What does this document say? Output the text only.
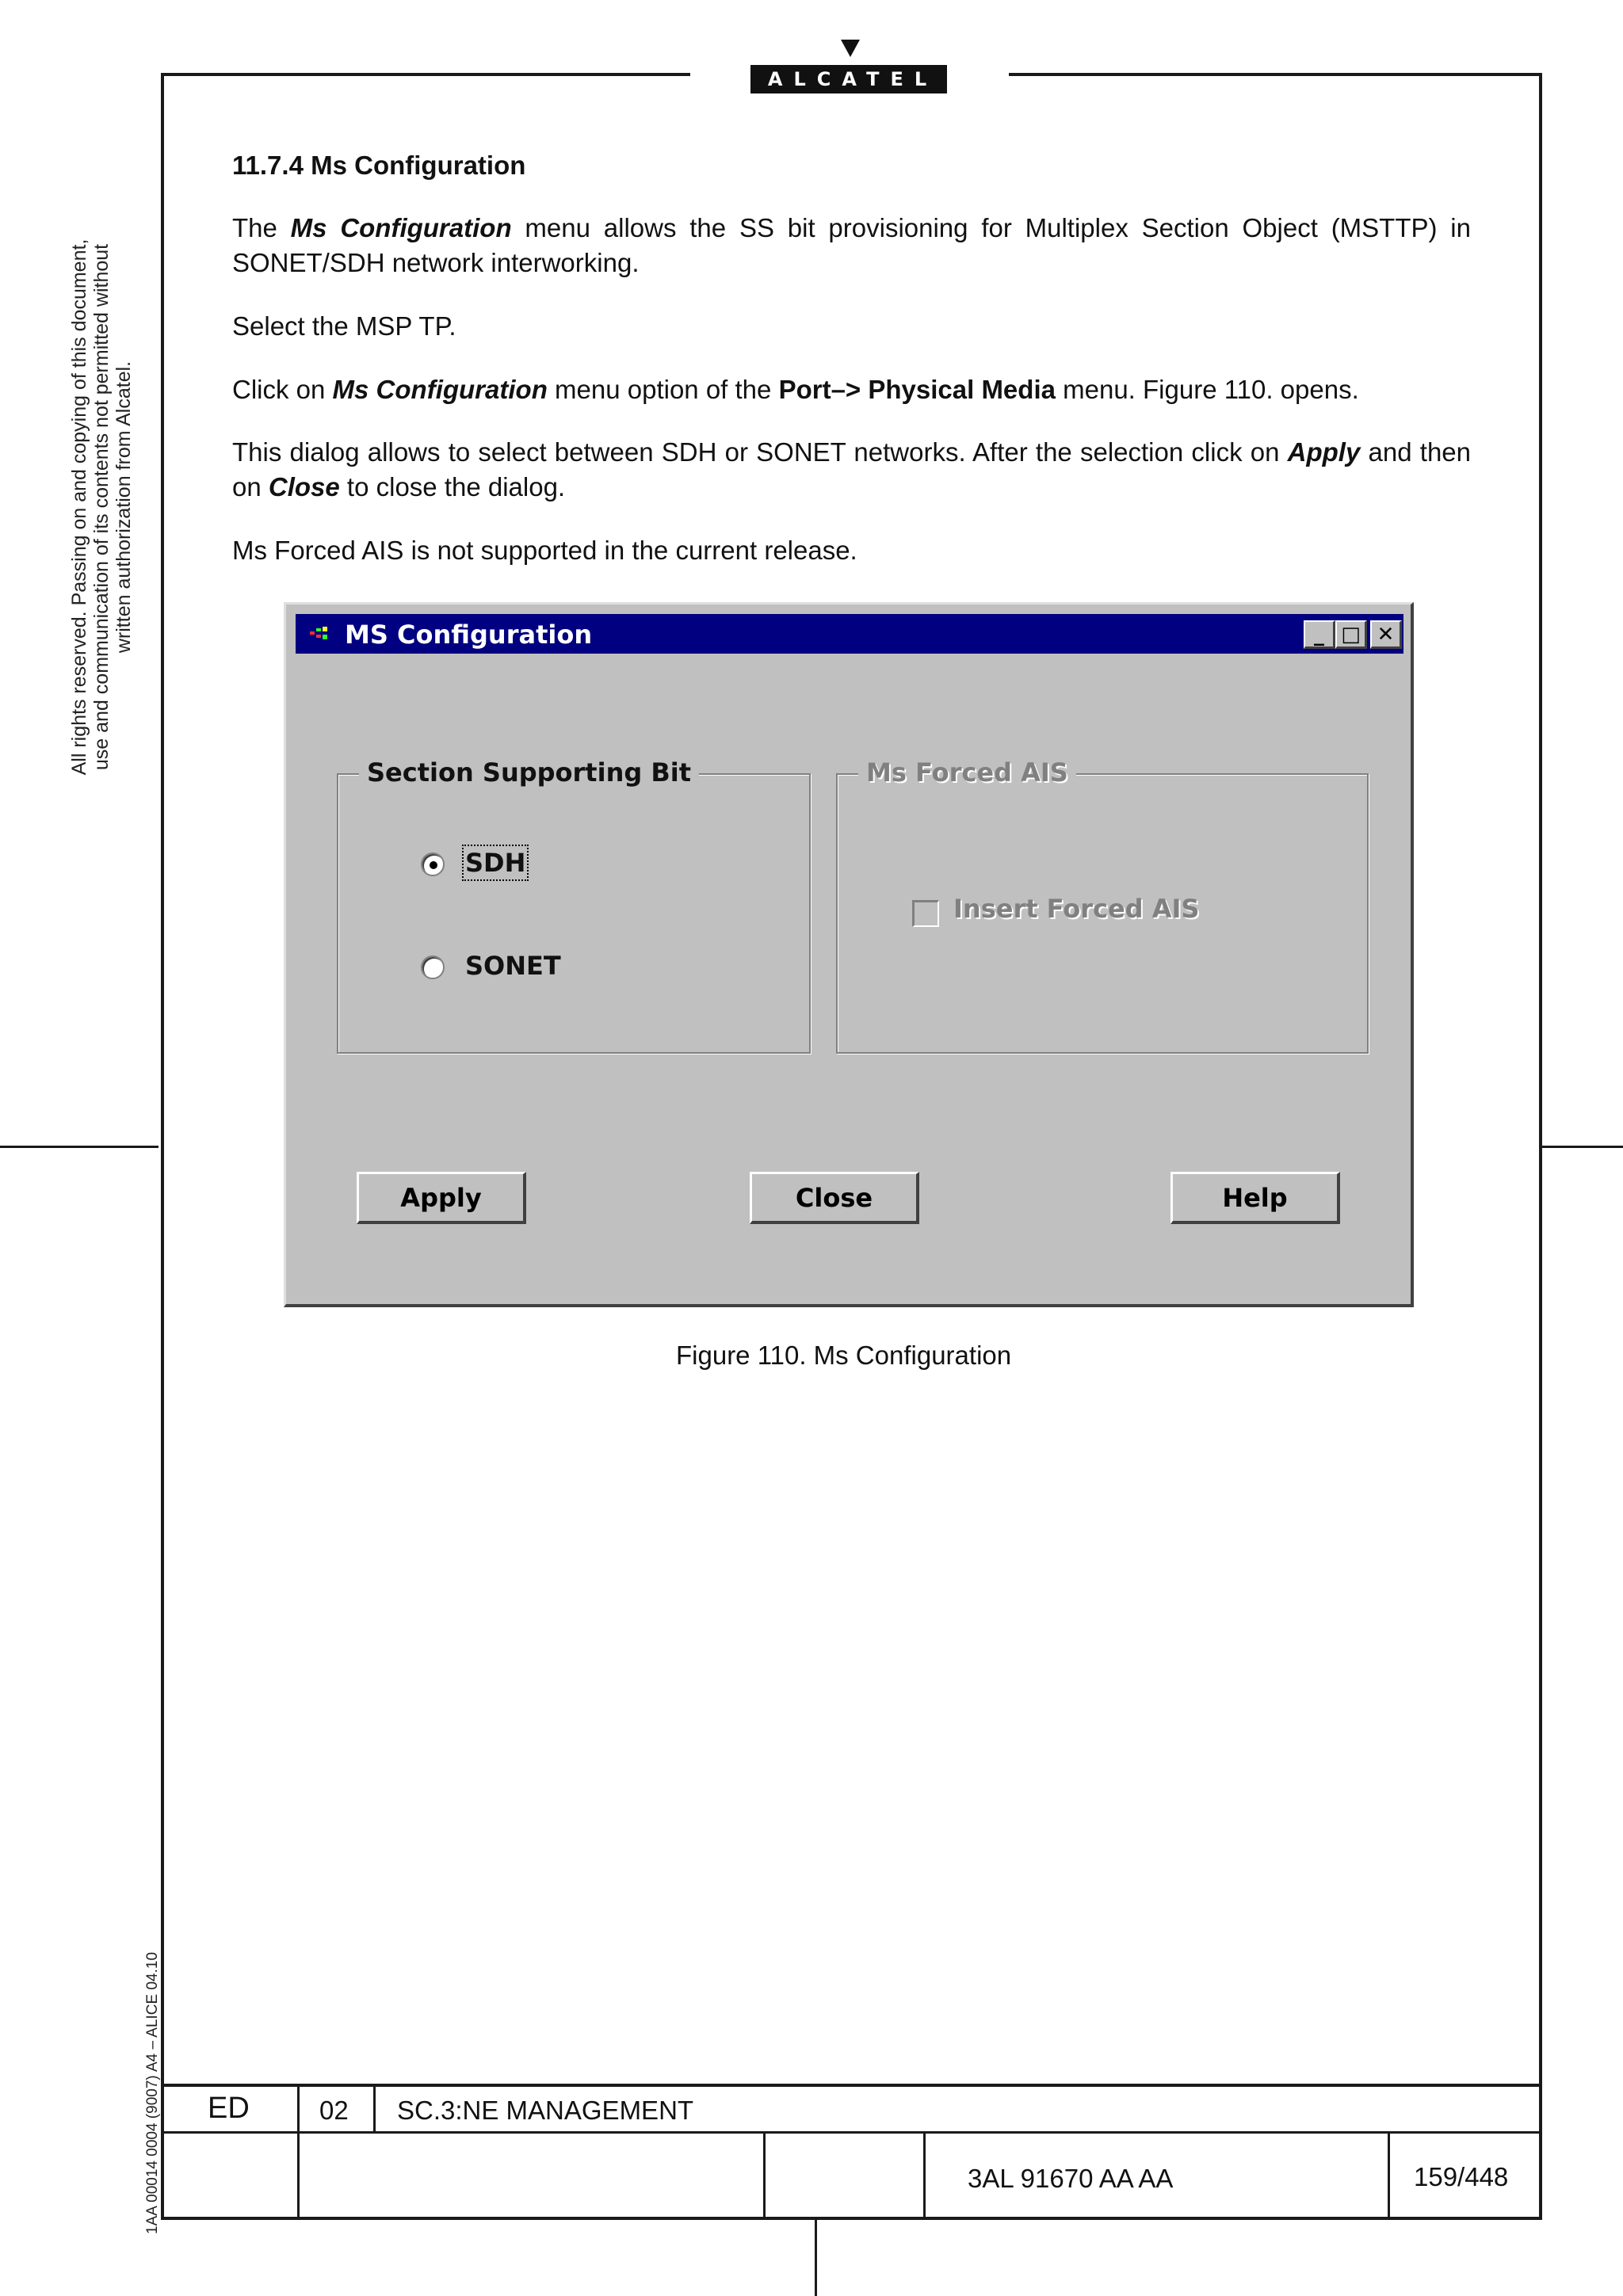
ALCATEL
All rights reserved. Passing on and copying of this document, use and communication of its contents not permitted without written authorization from Alcatel.
1AA 00014 0004 (9007) A4 – ALICE 04.10
11.7.4 Ms Configuration
The Ms Configuration menu allows the SS bit provisioning for Multiplex Section Object (MSTTP) in SONET/SDH network interworking.
Select the MSP TP.
Click on Ms Configuration menu option of the Port–> Physical Media menu. Figure 110. opens.
This dialog allows to select between SDH or SONET networks. After the selection click on Apply and then on Close to close the dialog.
Ms Forced AIS is not supported in the current release.
MS Configuration	_ □ ✕
Section Supporting Bit
SDH
SONET
Ms Forced AIS
Insert Forced AIS
Apply	Close	Help
Figure 110. Ms Configuration
ED	02 SC.3:NE MANAGEMENT
3AL 91670 AA AA	159/448
